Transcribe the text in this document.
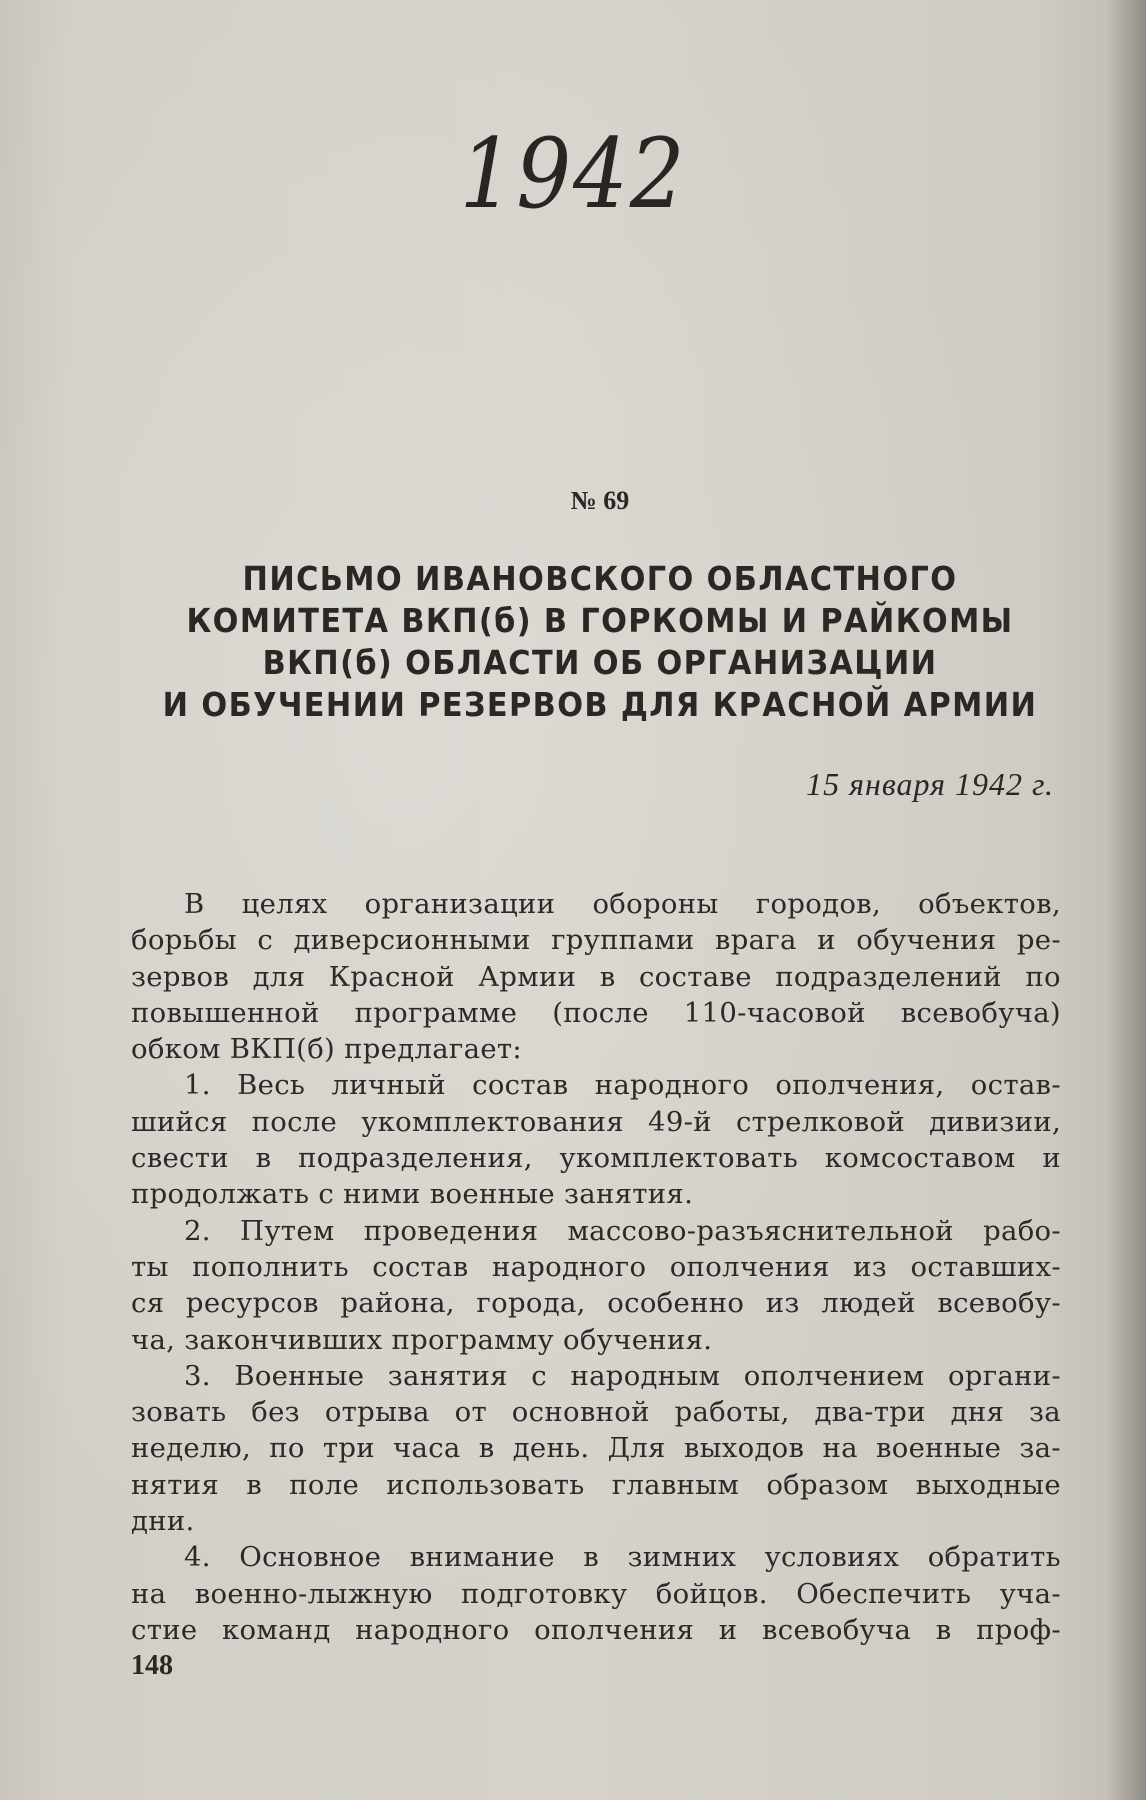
1942
№ 69
ПИСЬМО ИВАНОВСКОГО ОБЛАСТНОГО
КОМИТЕТА ВКП(б) В ГОРКОМЫ И РАЙКОМЫ
ВКП(б) ОБЛАСТИ ОБ ОРГАНИЗАЦИИ
И ОБУЧЕНИИ РЕЗЕРВОВ ДЛЯ КРАСНОЙ АРМИИ
15 января 1942 г.
В целях организации обороны городов, объектов,
борьбы с диверсионными группами врага и обучения ре-
зервов для Красной Армии в составе подразделений по
повышенной программе (после 110-часовой всевобуча)
обком ВКП(б) предлагает:
1. Весь личный состав народного ополчения, остав-
шийся после укомплектования 49-й стрелковой дивизии,
свести в подразделения, укомплектовать комсоставом и
продолжать с ними военные занятия.
2. Путем проведения массово-разъяснительной рабо-
ты пополнить состав народного ополчения из оставших-
ся ресурсов района, города, особенно из людей всевобу-
ча, закончивших программу обучения.
3. Военные занятия с народным ополчением органи-
зовать без отрыва от основной работы, два-три дня за
неделю, по три часа в день. Для выходов на военные за-
нятия в поле использовать главным образом выходные
дни.
4. Основное внимание в зимних условиях обратить
на военно-лыжную подготовку бойцов. Обеспечить уча-
стие команд народного ополчения и всевобуча в проф-
148
